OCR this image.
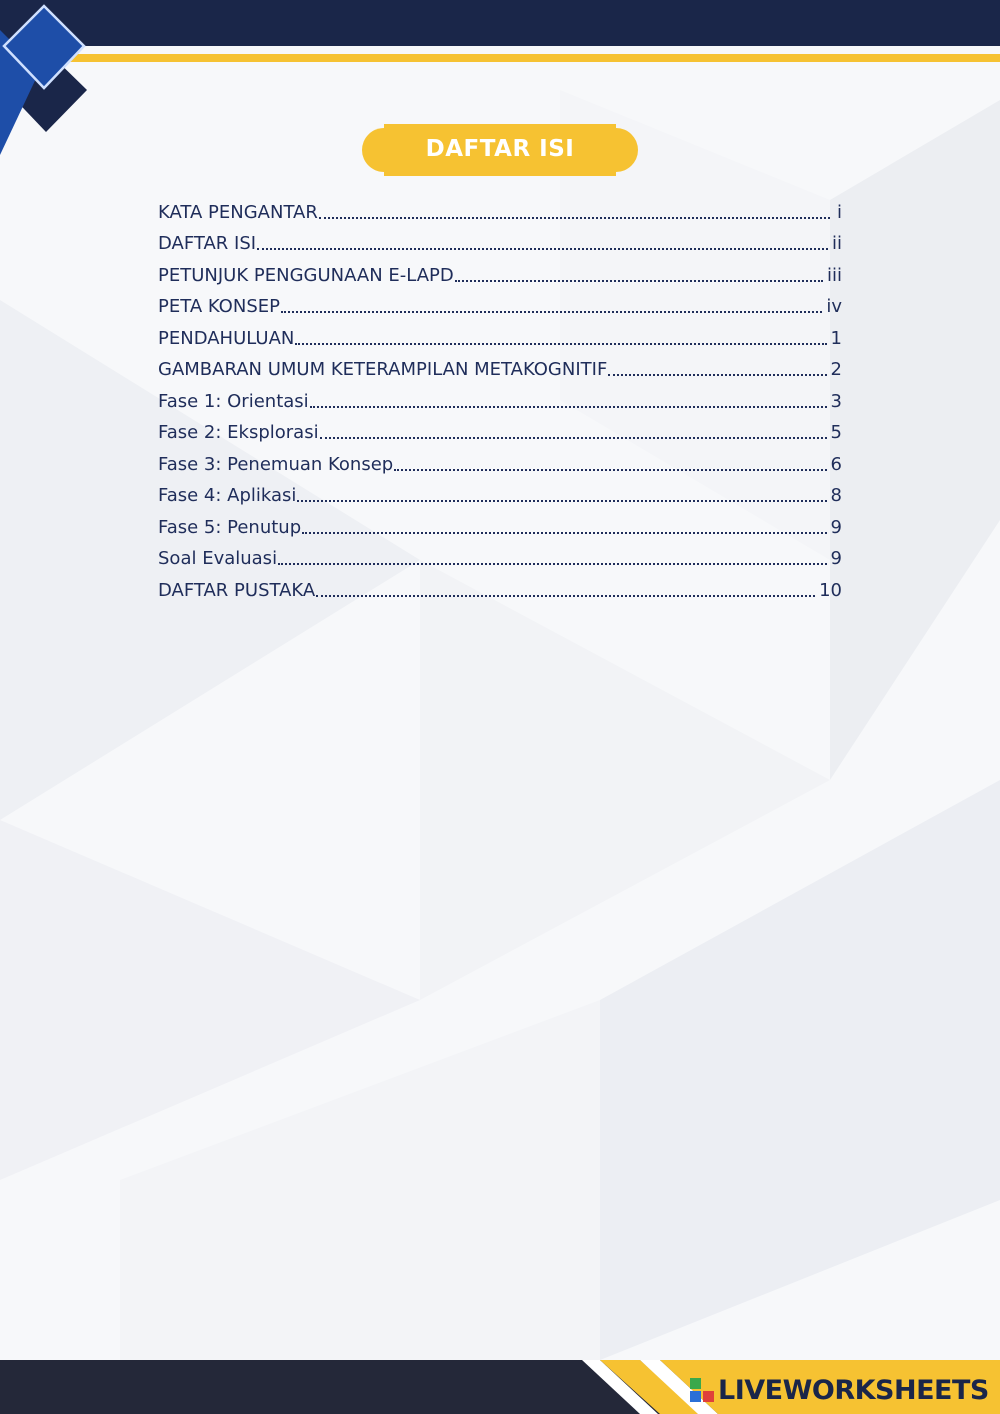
DAFTAR ISI
KATA PENGANTAR	i
DAFTAR ISI	ii
PETUNJUK PENGGUNAAN E-LAPD	iii
PETA KONSEP	iv
PENDAHULUAN	1
GAMBARAN UMUM KETERAMPILAN METAKOGNITIF	2
Fase 1: Orientasi	3
Fase 2: Eksplorasi	5
Fase 3: Penemuan Konsep	6
Fase 4: Aplikasi	8
Fase 5: Penutup	9
Soal Evaluasi	9
DAFTAR PUSTAKA	10
LIVEWORKSHEETS
